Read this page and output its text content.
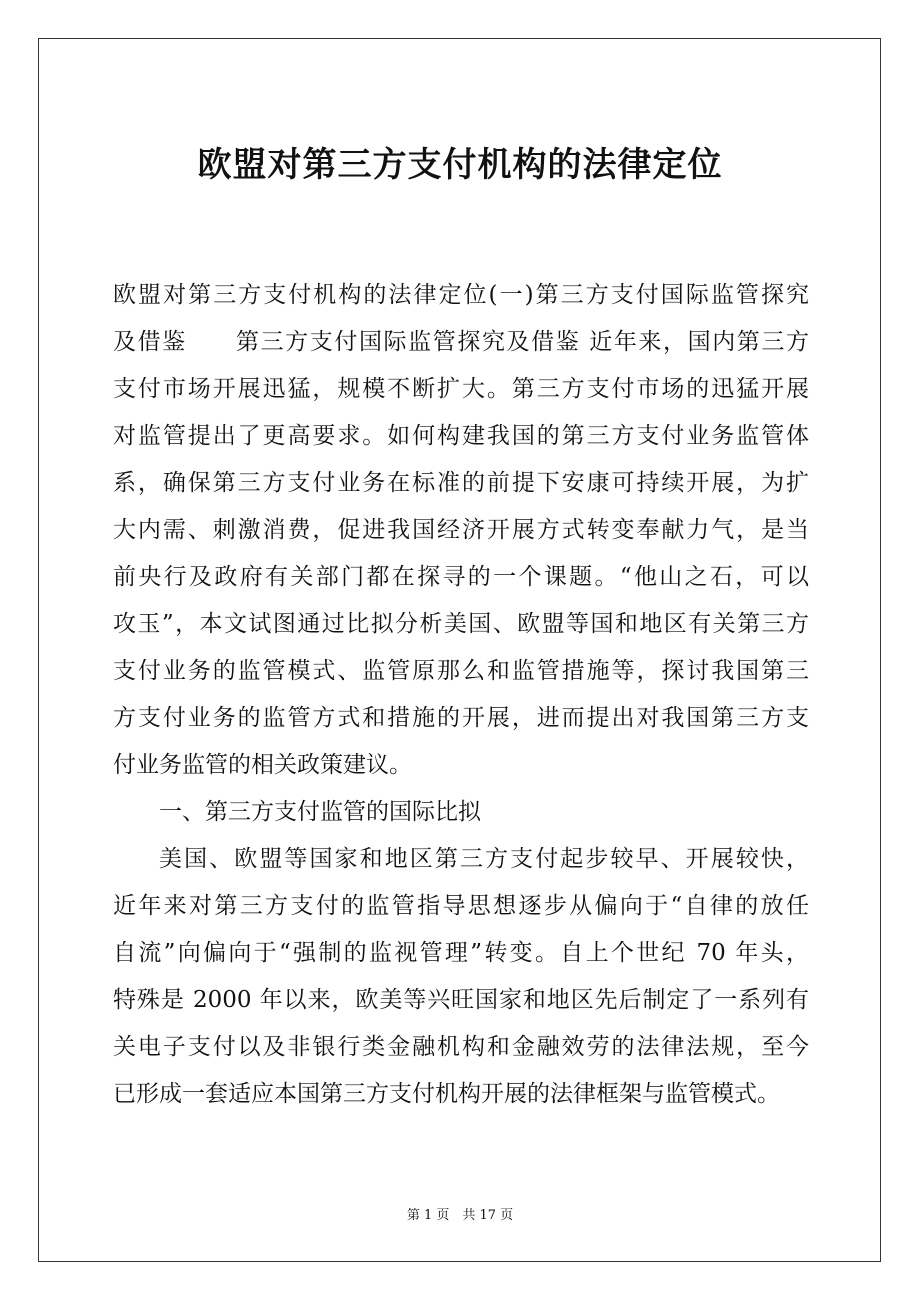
欧盟对第三方支付机构的法律定位
欧盟对第三方支付机构的法律定位(一)第三方支付国际监管探究
及借鉴　　第三方支付国际监管探究及借鉴 近年来，国内第三方
支付市场开展迅猛，规模不断扩大。第三方支付市场的迅猛开展
对监管提出了更高要求。如何构建我国的第三方支付业务监管体
系，确保第三方支付业务在标准的前提下安康可持续开展，为扩
大内需、刺激消费，促进我国经济开展方式转变奉献力气，是当
前央行及政府有关部门都在探寻的一个课题。“他山之石，可以
攻玉”，本文试图通过比拟分析美国、欧盟等国和地区有关第三方
支付业务的监管模式、监管原那么和监管措施等，探讨我国第三
方支付业务的监管方式和措施的开展，进而提出对我国第三方支
付业务监管的相关政策建议。
一、第三方支付监管的国际比拟
美国、欧盟等国家和地区第三方支付起步较早、开展较快，
近年来对第三方支付的监管指导思想逐步从偏向于“自律的放任
自流”向偏向于“强制的监视管理”转变。自上个世纪 70 年头，
特殊是 2000 年以来，欧美等兴旺国家和地区先后制定了一系列有
关电子支付以及非银行类金融机构和金融效劳的法律法规，至今
已形成一套适应本国第三方支付机构开展的法律框架与监管模式。
第 1 页　共 17 页
